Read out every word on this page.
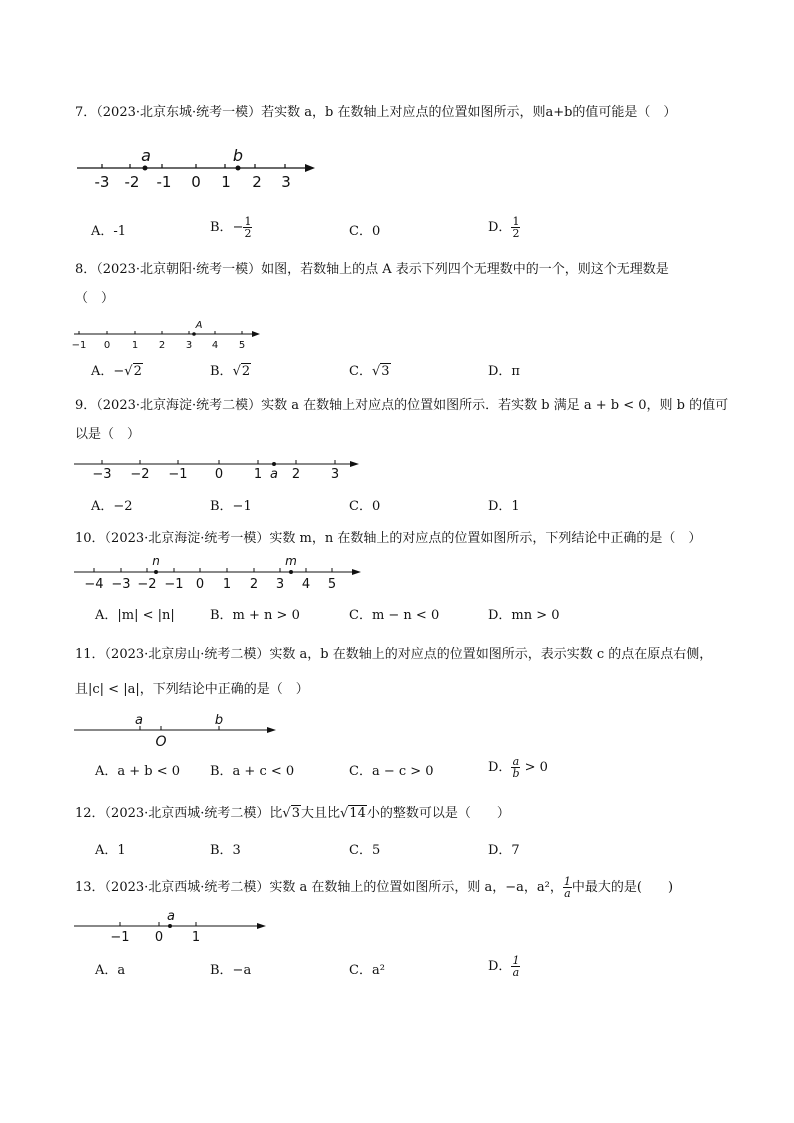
7．（2023·北京东城·统考一模）若实数 a，b 在数轴上对应点的位置如图所示，则a+b的值可能是（　）
a	b
-3 -2 -1 0 1 2 3
A．-1	B．− $\frac{1}{2}$	C．0	D． $\frac{1}{2}$
8．（2023·北京朝阳·统考一模）如图，若数轴上的点 A 表示下列四个无理数中的一个，则这个无理数是
（　）
A
−1 0 1 2 3 4 5
A．−√2	B．√2	C．√3	D．π
9．（2023·北京海淀·统考二模）实数 a 在数轴上对应点的位置如图所示．若实数 b 满足 a + b < 0，则 b 的值可
以是（　）
a
−3 −2 −1 0 1 2 3
A．−2	B．−1	C．0	D．1
10．（2023·北京海淀·统考一模）实数 m，n 在数轴上的对应点的位置如图所示，下列结论中正确的是（　）
n	m
−4 −3 −2 −1 0 1 2 3 4 5
A．|m| < |n|	B．m + n > 0	C．m − n < 0	D．mn > 0
11．（2023·北京房山·统考二模）实数 a，b 在数轴上的对应点的位置如图所示，表示实数 c 的点在原点右侧，
且|c| < |a|，下列结论中正确的是（　）
a	b
O
A．a + b < 0 B．a + c < 0	C．a − c > 0	D． $\frac{a}{b} > 0$
12．（2023·北京西城·统考二模）比√3大且比√14小的整数可以是（　　）
A．1	B．3	C．5	D．7
13．（2023·北京西城·统考二模）实数 a 在数轴上的位置如图所示，则 a，−a，a²， $\frac{1}{a}$ 中最大的是(　　)
a
−1 0 1
A．a	B．−a	C．a²	D． $\frac{1}{a}$
